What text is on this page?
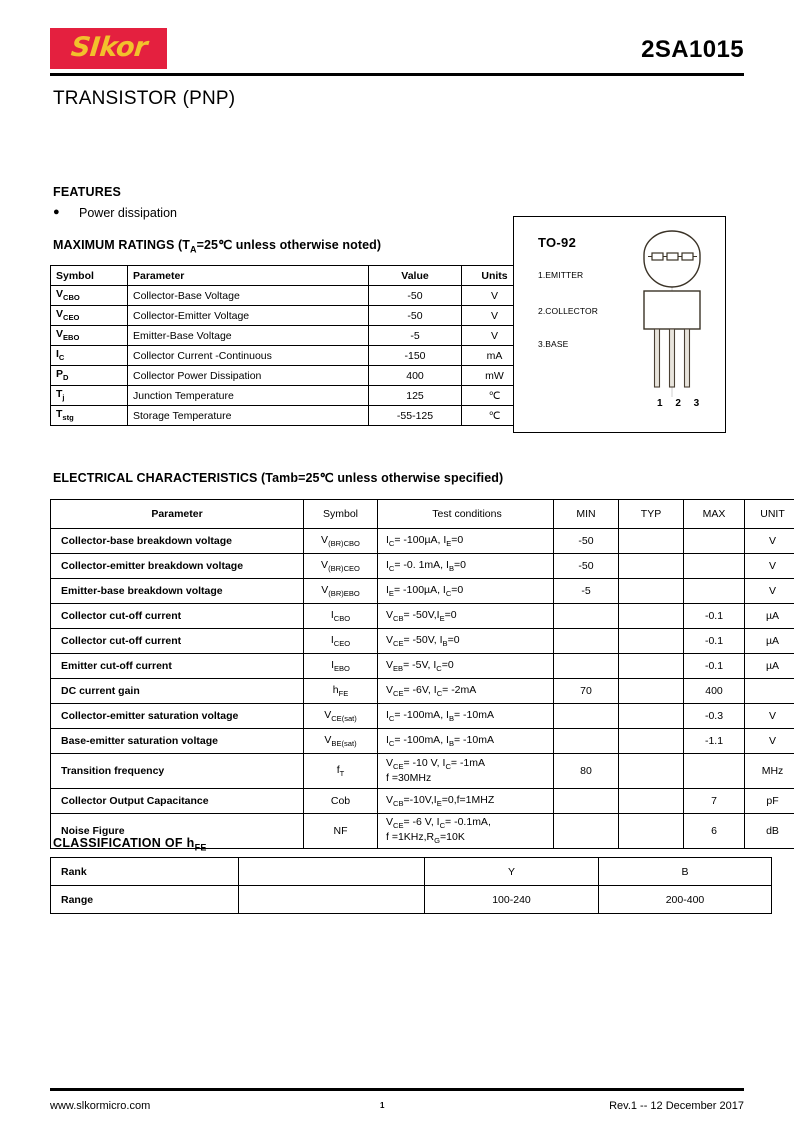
SIkor	2SA1015
TRANSISTOR (PNP)
FEATURES
● Power dissipation
MAXIMUM RATINGS ($T_A=25℃$ unless otherwise noted)
Symbol	Parameter	Value	Units
$V_{CBO}$	Collector-Base Voltage	-50	V
$V_{CEO}$	Collector-Emitter Voltage	-50	V
$V_{EBO}$	Emitter-Base Voltage	-5	V
$I_C$	Collector Current -Continuous	-150	mA
$P_D$	Collector Power Dissipation	400	mW
$T_j$	Junction Temperature	125	℃
$T_{stg}$	Storage Temperature	-55-125	℃
TO-92
1.EMITTER
2.COLLECTOR
3.BASE
1 2 3
ELECTRICAL CHARACTERISTICS (Tamb=25℃ unless otherwise specified)
Parameter	Symbol	Test conditions	MIN	TYP	MAX	UNIT
Collector-base breakdown voltage	$V_{(BR)CBO}$	$I_C= -100\mu A$, $I_E=0$	-50			V
Collector-emitter breakdown voltage	$V_{(BR)CEO}$	$I_C= -0$. 1mA, $I_B=0$	-50			V
Emitter-base breakdown voltage	$V_{(BR)EBO}$	$I_E= -100\mu A$, $I_C=0$	-5			V
Collector cut-off current	$I_{CBO}$	$V_{CB}= -50V,I_E=0$			-0.1	µA
Collector cut-off current	$I_{CEO}$	$V_{CE}= -50V$, $I_B=0$			-0.1	µA
Emitter cut-off current	$I_{EBO}$	$V_{EB}= -5V$, $I_C=0$			-0.1	µA
DC current gain	$h_{FE}$	$V_{CE}= -6V$, $I_C= -2mA$	70		400	
Collector-emitter saturation voltage	$V_{CE(sat)}$	$I_C= -100mA$, $I_B= -10mA$			-0.3	V
Base-emitter saturation voltage	$V_{BE(sat)}$	$I_C= -100mA$, $I_B= -10mA$			-1.1	V
Transition frequency	$f_T$	$V_{CE}= -10$ V, $I_C= -1mA$
f =30MHz	80			MHz
Collector Output Capacitance	Cob	$V_{CB}=-10V,I_E=0,f=1MHZ$			7	pF
Noise Figure	NF	$V_{CE}= -6$ V, $I_C= -0.1mA$,
$f =1KHz,R_G=10K$			6	dB
CLASSIFICATION OF $h_{FE}$
Rank		Y	B
Range		100-240	200-400
www.slkormicro.com	1	Rev.1 -- 12 December 2017
